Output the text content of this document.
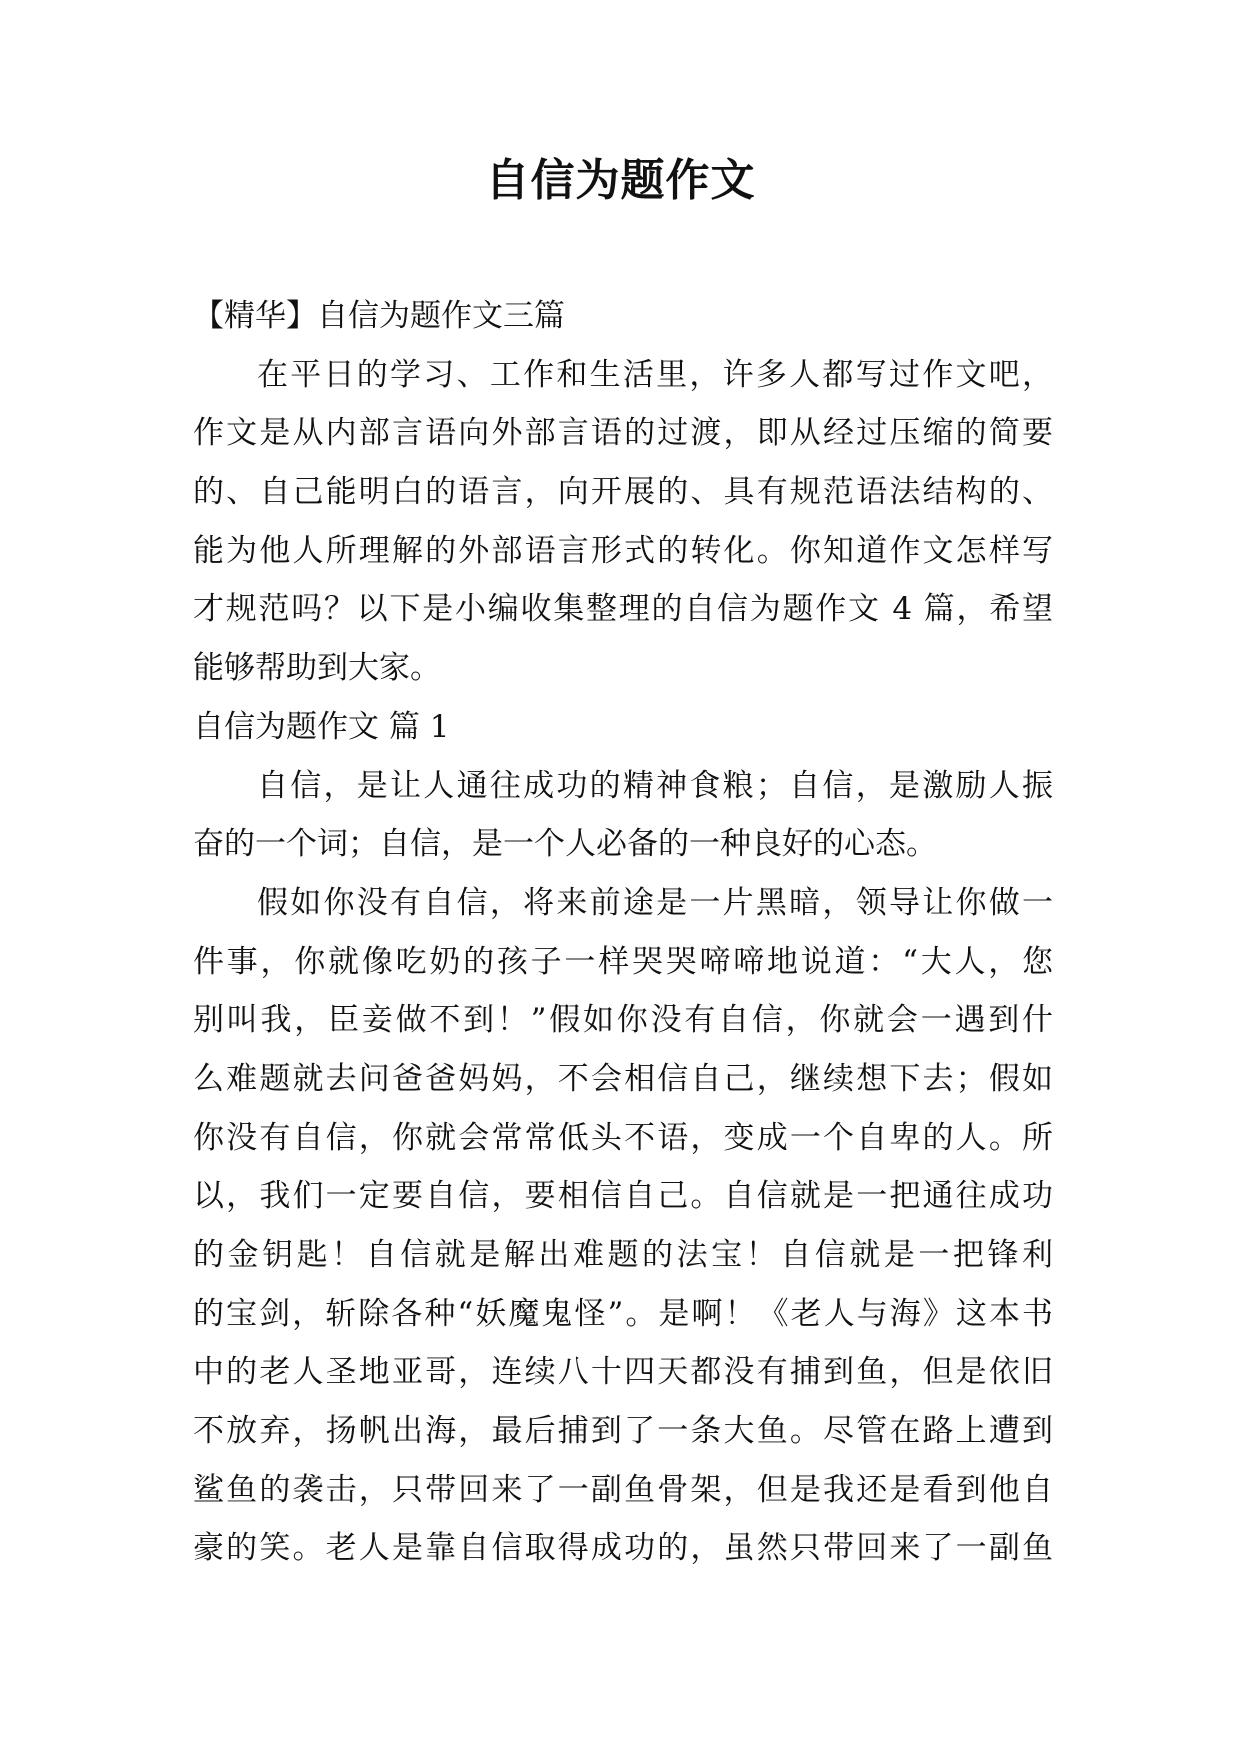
自信为题作文
【精华】自信为题作文三篇
在平日的学习、工作和生活里，许多人都写过作文吧，
作文是从内部言语向外部言语的过渡，即从经过压缩的简要
的、自己能明白的语言，向开展的、具有规范语法结构的、
能为他人所理解的外部语言形式的转化。你知道作文怎样写
才规范吗？以下是小编收集整理的自信为题作文 4 篇，希望
能够帮助到大家。
自信为题作文 篇 1
自信，是让人通往成功的精神食粮；自信，是激励人振
奋的一个词；自信，是一个人必备的一种良好的心态。
假如你没有自信，将来前途是一片黑暗，领导让你做一
件事，你就像吃奶的孩子一样哭哭啼啼地说道：“大人，您
别叫我，臣妾做不到！”假如你没有自信，你就会一遇到什
么难题就去问爸爸妈妈，不会相信自己，继续想下去；假如
你没有自信，你就会常常低头不语，变成一个自卑的人。所
以，我们一定要自信，要相信自己。自信就是一把通往成功
的金钥匙！自信就是解出难题的法宝！自信就是一把锋利
的宝剑，斩除各种“妖魔鬼怪”。是啊！《老人与海》这本书
中的老人圣地亚哥，连续八十四天都没有捕到鱼，但是依旧
不放弃，扬帆出海，最后捕到了一条大鱼。尽管在路上遭到
鲨鱼的袭击，只带回来了一副鱼骨架，但是我还是看到他自
豪的笑。老人是靠自信取得成功的，虽然只带回来了一副鱼
